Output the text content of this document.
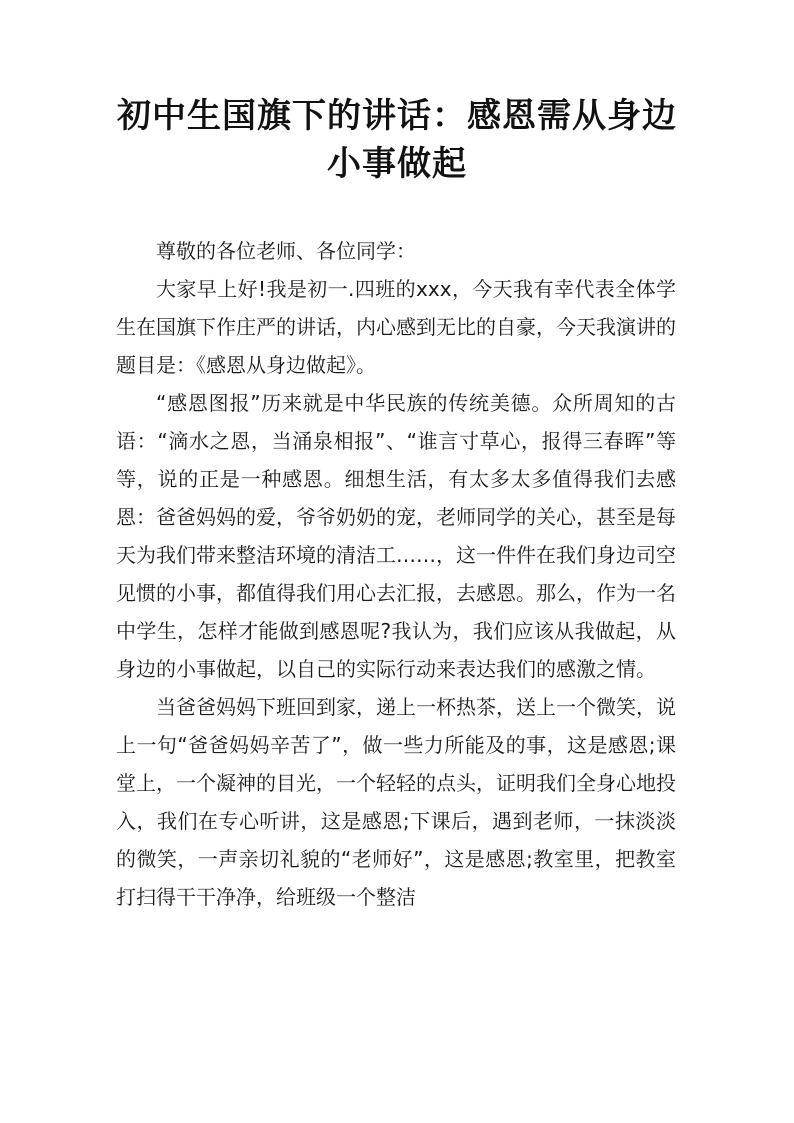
初中生国旗下的讲话：感恩需从身边小事做起

尊敬的各位老师、各位同学：

大家早上好!我是初一.四班的xxx，今天我有幸代表全体学生在国旗下作庄严的讲话，内心感到无比的自豪，今天我演讲的题目是：《感恩从身边做起》。

“感恩图报”历来就是中华民族的传统美德。众所周知的古语：“滴水之恩，当涌泉相报”、“谁言寸草心，报得三春晖”等等，说的正是一种感恩。细想生活，有太多太多值得我们去感恩：爸爸妈妈的爱，爷爷奶奶的宠，老师同学的关心，甚至是每天为我们带来整洁环境的清洁工……，这一件件在我们身边司空见惯的小事，都值得我们用心去汇报，去感恩。那么，作为一名中学生，怎样才能做到感恩呢?我认为，我们应该从我做起，从身边的小事做起，以自己的实际行动来表达我们的感激之情。

当爸爸妈妈下班回到家，递上一杯热茶，送上一个微笑，说上一句“爸爸妈妈辛苦了”，做一些力所能及的事，这是感恩;课堂上，一个凝神的目光，一个轻轻的点头，证明我们全身心地投入，我们在专心听讲，这是感恩;下课后，遇到老师，一抹淡淡的微笑，一声亲切礼貌的“老师好”，这是感恩;教室里，把教室打扫得干干净净，给班级一个整洁
